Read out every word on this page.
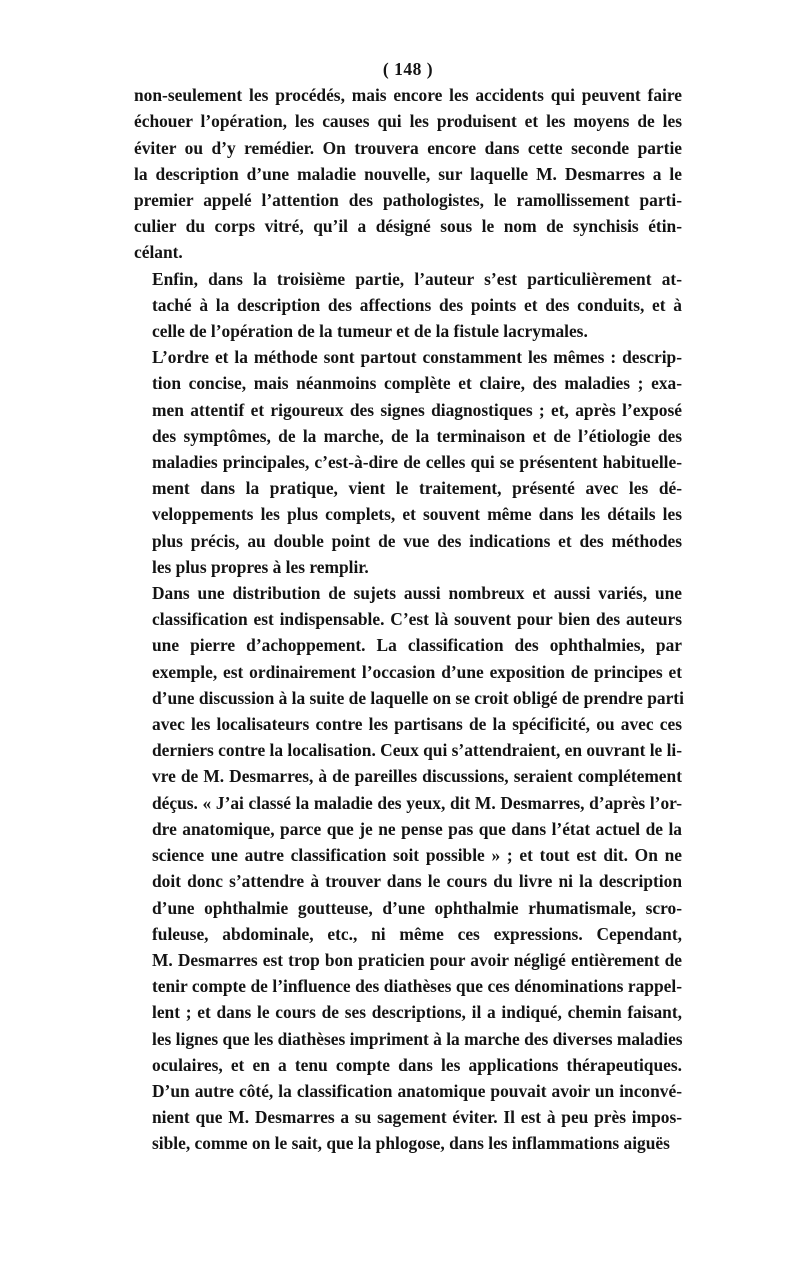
( 148 )
non-seulement les procédés, mais encore les accidents qui peuvent faire
échouer l’opération, les causes qui les produisent et les moyens de les
éviter ou d’y remédier. On trouvera encore dans cette seconde partie
la description d’une maladie nouvelle, sur laquelle M. Desmarres a le
premier appelé l’attention des pathologistes, le ramollissement parti-
culier du corps vitré, qu’il a désigné sous le nom de synchisis étin-
célant.
Enfin, dans la troisième partie, l’auteur s’est particulièrement at-
taché à la description des affections des points et des conduits, et à
celle de l’opération de la tumeur et de la fistule lacrymales.
L’ordre et la méthode sont partout constamment les mêmes : descrip-
tion concise, mais néanmoins complète et claire, des maladies ; exa-
men attentif et rigoureux des signes diagnostiques ; et, après l’exposé
des symptômes, de la marche, de la terminaison et de l’étiologie des
maladies principales, c’est-à-dire de celles qui se présentent habituelle-
ment dans la pratique, vient le traitement, présenté avec les dé-
veloppements les plus complets, et souvent même dans les détails les
plus précis, au double point de vue des indications et des méthodes
les plus propres à les remplir.
Dans une distribution de sujets aussi nombreux et aussi variés, une
classification est indispensable. C’est là souvent pour bien des auteurs
une pierre d’achoppement. La classification des ophthalmies, par
exemple, est ordinairement l’occasion d’une exposition de principes et
d’une discussion à la suite de laquelle on se croit obligé de prendre parti
avec les localisateurs contre les partisans de la spécificité, ou avec ces
derniers contre la localisation. Ceux qui s’attendraient, en ouvrant le li-
vre de M. Desmarres, à de pareilles discussions, seraient complétement
déçus. « J’ai classé la maladie des yeux, dit M. Desmarres, d’après l’or-
dre anatomique, parce que je ne pense pas que dans l’état actuel de la
science une autre classification soit possible » ; et tout est dit. On ne
doit donc s’attendre à trouver dans le cours du livre ni la description
d’une ophthalmie goutteuse, d’une ophthalmie rhumatismale, scro-
fuleuse, abdominale, etc., ni même ces expressions. Cependant,
M. Desmarres est trop bon praticien pour avoir négligé entièrement de
tenir compte de l’influence des diathèses que ces dénominations rappel-
lent ; et dans le cours de ses descriptions, il a indiqué, chemin faisant,
les lignes que les diathèses impriment à la marche des diverses maladies
oculaires, et en a tenu compte dans les applications thérapeutiques.
D’un autre côté, la classification anatomique pouvait avoir un inconvé-
nient que M. Desmarres a su sagement éviter. Il est à peu près impos-
sible, comme on le sait, que la phlogose, dans les inflammations aiguës
